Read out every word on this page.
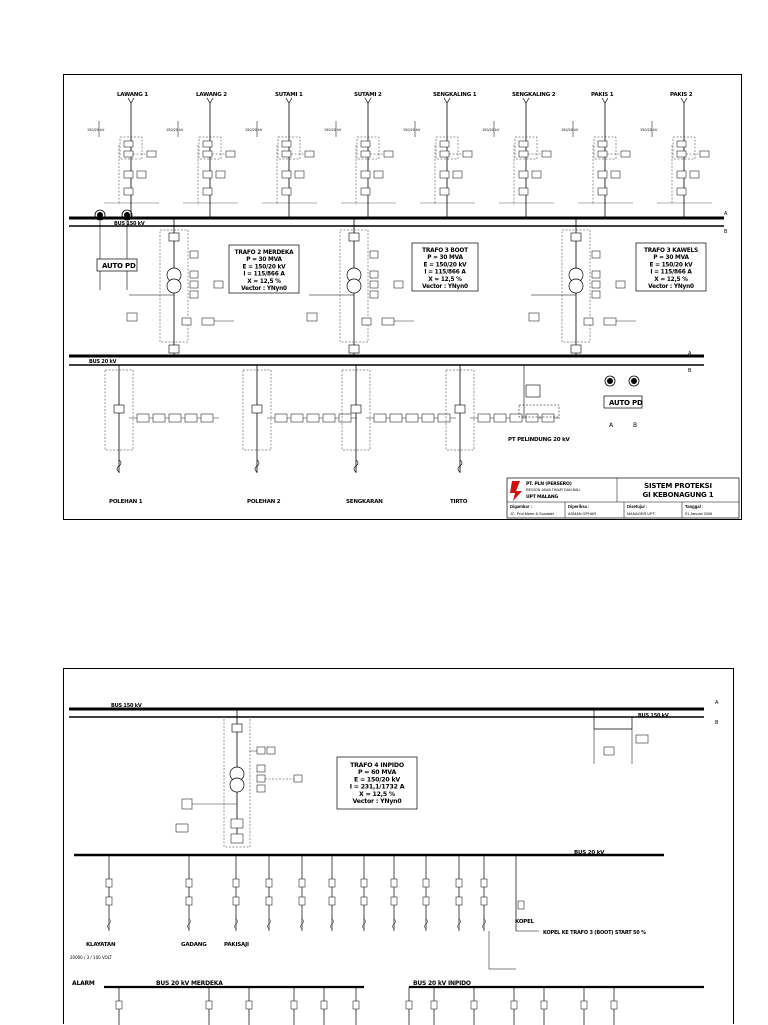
LAWANG 1
150/20 kV
LAWANG 2
150/20 kV
SUTAMI 1
150/20 kV
SUTAMI 2
150/20 kV
SENGKALING 1
150/20 kV
SENGKALING 2
150/20 kV
PAKIS 1
150/20 kV
PAKIS 2
150/20 kV
BUS 150 kV
A
B
AUTO PD
TRAFO 2 MERDEKA P = 30 MVA E = 150/20 kV I = 115/866 A X = 12,5 % Vector : YNyn0
TRAFO 3 BOOT P = 30 MVA E = 150/20 kV I = 115/866 A X = 12,5 % Vector : YNyn0
TRAFO 3 KAWELS P = 30 MVA E = 150/20 kV I = 115/866 A X = 12,5 % Vector : YNyn0
BUS 20 kV
A
B
POLEHAN 1	POLEHAN 2	SENGKARAN	TIRTO
PT PELINDUNG 20 kV
AUTO PD
A	B
PT. PLN (PERSERO)
REGION JAWA TIMUR DAN BALI
UPT MALANG
SISTEM PROTEKSI
GI KEBONAGUNG 1
Digambar :
JC. Prot Meter & Scadatel
Diperiksa :
ASMAN OPHAR
Disetujui :
MANAGER UPT
Tanggal :
01 Januari 2006
BUS 150 kV
BUS 150 kV
A
B
TRAFO 4 INPIDO P = 60 MVA E = 150/20 kV I = 231,1/1732 A X = 12,5 % Vector : YNyn0
BUS 20 kV
KLAYATAN	GADANG	PAKISAJI
KOPEL
KOPEL KE TRAFO 3 (BOOT) START 50 %
20000 / 3 / 100 VOLT
ALARM	BUS 20 kV MERDEKA	BUS 20 kV INPIDO
